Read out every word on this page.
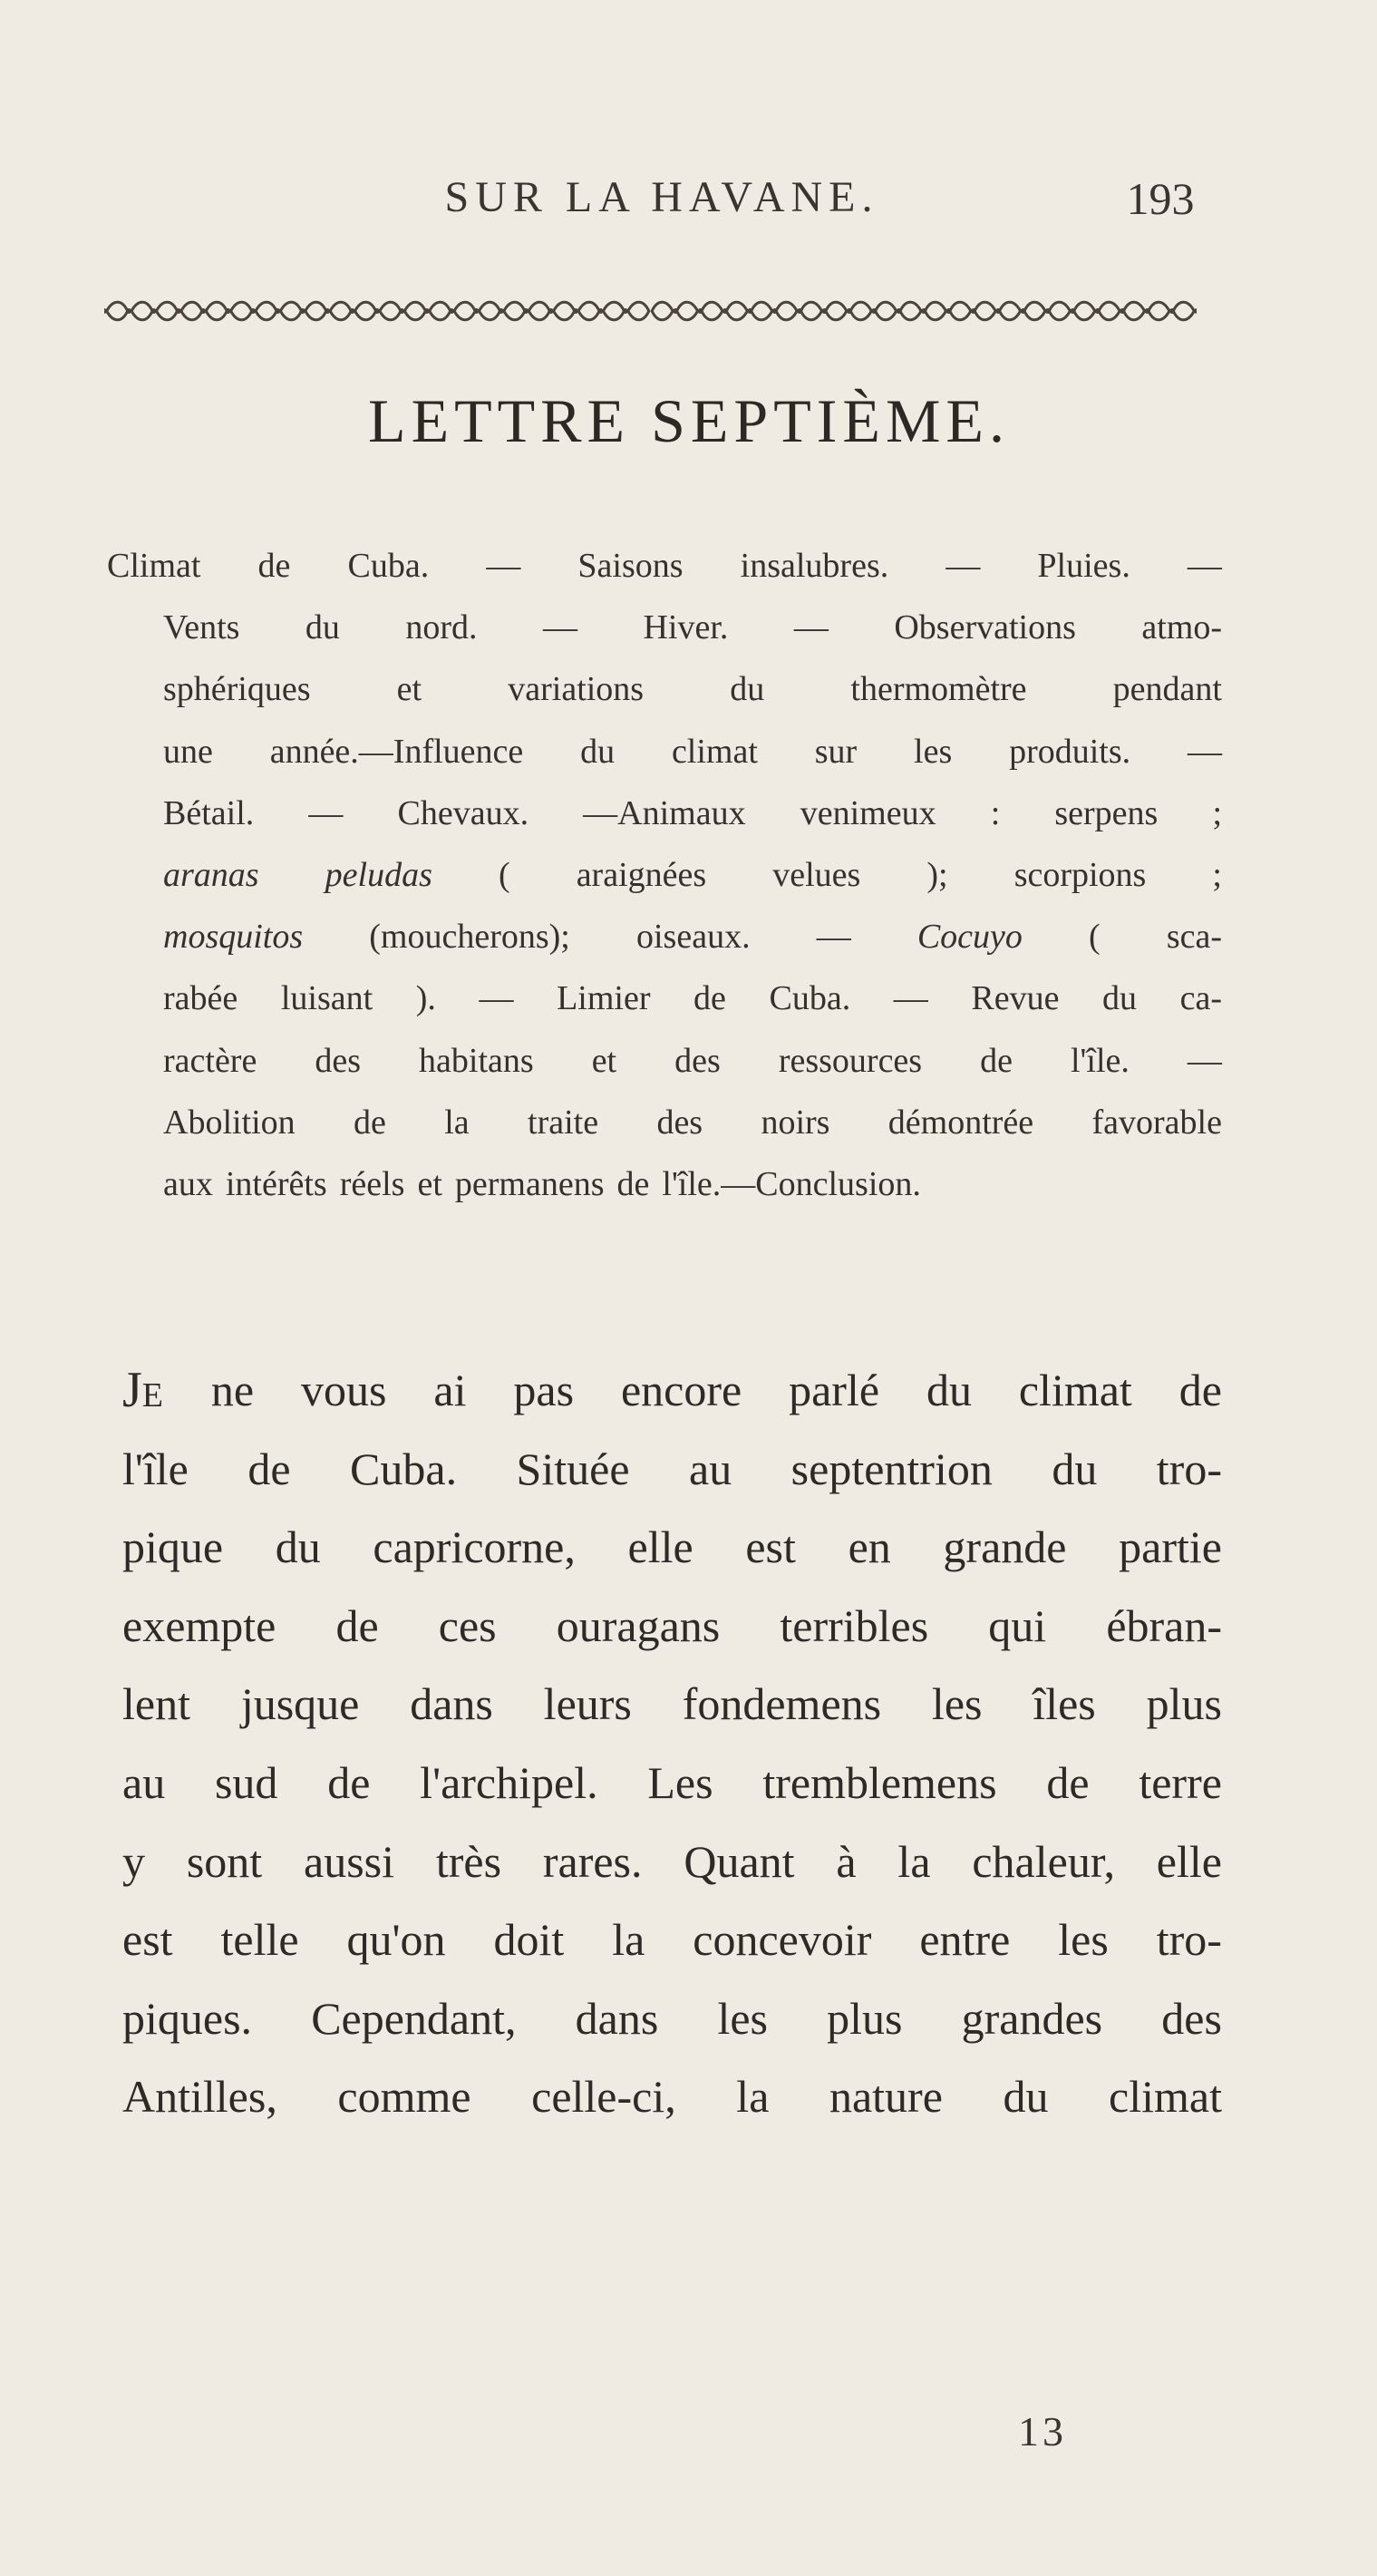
SUR LA HAVANE.	193
LETTRE SEPTIÈME.
Climat de Cuba. — Saisons insalubres. — Pluies. —
Vents du nord. — Hiver. — Observations atmo-
sphériques	et	variations	du	thermomètre	pendant
une année.—Influence du climat sur les produits. —
Bétail. — Chevaux. —Animaux venimeux : serpens ;
aranas peludas ( araignées velues ); scorpions ;
mosquitos (moucherons); oiseaux. — Cocuyo ( sca-
rabée luisant ). — Limier de Cuba. — Revue du ca-
ractère des habitans et des ressources de l'île. —
Abolition de la traite des noirs démontrée favorable
aux intérêts réels et permanens de l'île.—Conclusion.
JE ne vous ai pas encore parlé du climat de
l'île de Cuba. Située au septentrion du tro-
pique du capricorne, elle est en grande partie
exempte de ces ouragans terribles qui ébran-
lent jusque dans leurs fondemens les îles plus
au sud de l'archipel. Les tremblemens de terre
y sont aussi très rares. Quant à la chaleur, elle
est telle qu'on doit la concevoir entre les tro-
piques. Cependant, dans les plus grandes des
Antilles, comme celle-ci, la nature du climat
13
